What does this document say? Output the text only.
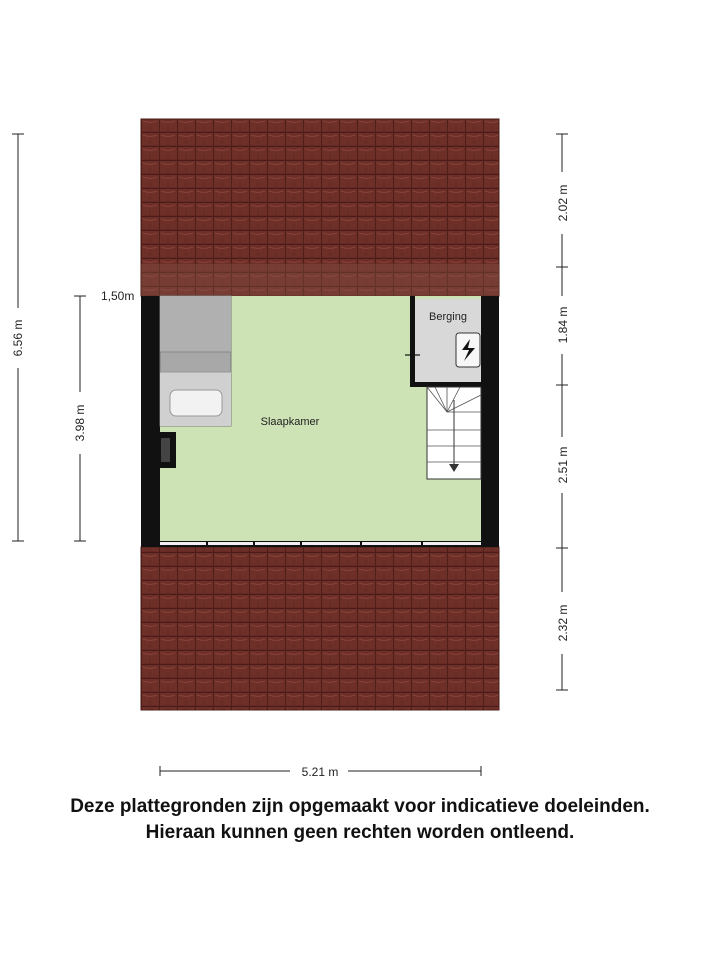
Berging
Slaapkamer
6.56 m
3.98 m
1,50m
2.02 m
1.84 m
2.51 m
2.32 m
5.21 m
Deze plattegronden zijn opgemaakt voor indicatieve doeleinden.
Hieraan kunnen geen rechten worden ontleend.
